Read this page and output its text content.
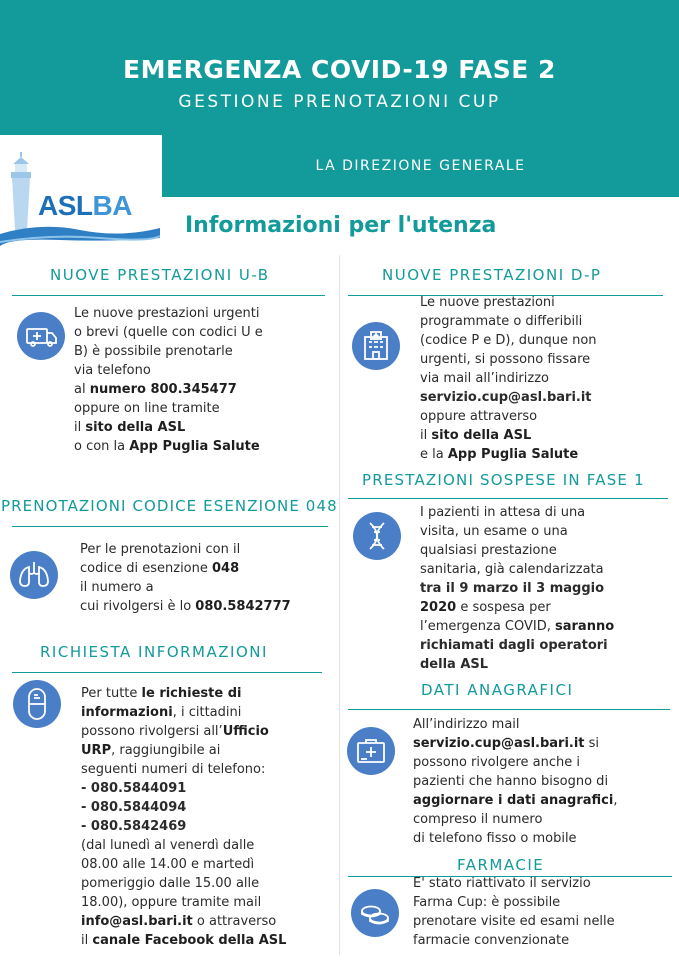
EMERGENZA COVID-19 FASE 2
GESTIONE PRENOTAZIONI CUP
LA DIREZIONE GENERALE
ASLBA
Informazioni per l'utenza
NUOVE PRESTAZIONI U-B
Le nuove prestazioni urgenti
o brevi (quelle con codici U e
B) è possibile prenotarle
via telefono
al numero 800.345477
oppure on line tramite
il sito della ASL
o con la App Puglia Salute
PRENOTAZIONI CODICE ESENZIONE 048
Per le prenotazioni con il
codice di esenzione 048
il numero a
cui rivolgersi è lo 080.5842777
RICHIESTA INFORMAZIONI
Per tutte le richieste di
informazioni, i cittadini
possono rivolgersi all’Ufficio
URP, raggiungibile ai
seguenti numeri di telefono:
- 080.5844091
- 080.5844094
- 080.5842469
(dal lunedì al venerdì dalle
08.00 alle 14.00 e martedì
pomeriggio dalle 15.00 alle
18.00), oppure tramite mail
info@asl.bari.it o attraverso
il canale Facebook della ASL
NUOVE PRESTAZIONI D-P
Le nuove prestazioni
programmate o differibili
(codice P e D), dunque non
urgenti, si possono fissare
via mail all’indirizzo
servizio.cup@asl.bari.it
oppure attraverso
il sito della ASL
e la App Puglia Salute
PRESTAZIONI SOSPESE IN FASE 1
I pazienti in attesa di una
visita, un esame o una
qualsiasi prestazione
sanitaria, già calendarizzata
tra il 9 marzo il 3 maggio
2020 e sospesa per
l’emergenza COVID, saranno
richiamati dagli operatori
della ASL
DATI ANAGRAFICI
All’indirizzo mail
servizio.cup@asl.bari.it si
possono rivolgere anche i
pazienti che hanno bisogno di
aggiornare i dati anagrafici,
compreso il numero
di telefono fisso o mobile
FARMACIE
E' stato riattivato il servizio
Farma Cup: è possibile
prenotare visite ed esami nelle
farmacie convenzionate
